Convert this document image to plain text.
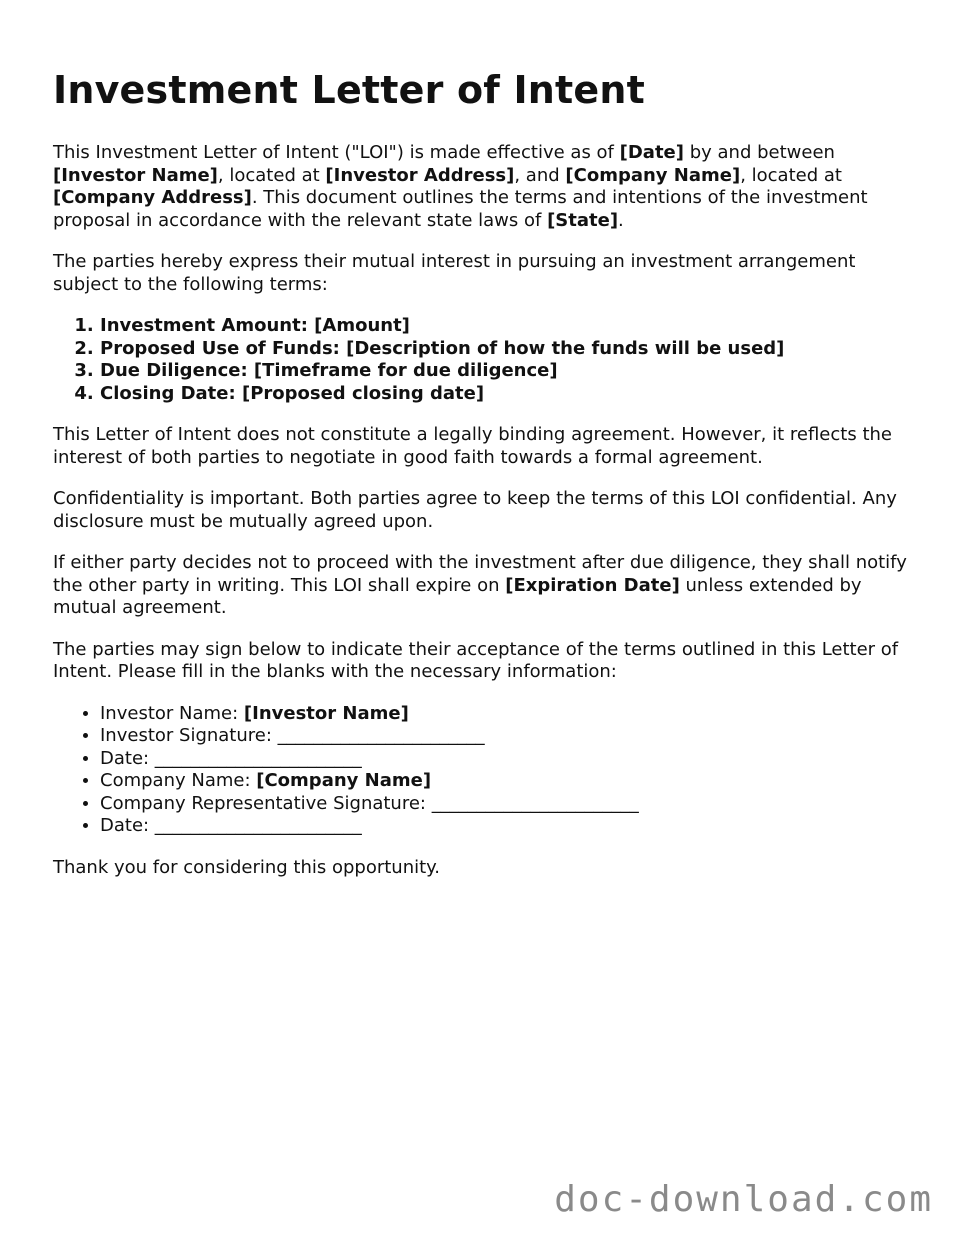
Investment Letter of Intent

This Investment Letter of Intent ("LOI") is made effective as of [Date] by and between [Investor Name], located at [Investor Address], and [Company Name], located at [Company Address]. This document outlines the terms and intentions of the investment proposal in accordance with the relevant state laws of [State].

The parties hereby express their mutual interest in pursuing an investment arrangement subject to the following terms:

1. Investment Amount: [Amount]
2. Proposed Use of Funds: [Description of how the funds will be used]
3. Due Diligence: [Timeframe for due diligence]
4. Closing Date: [Proposed closing date]

This Letter of Intent does not constitute a legally binding agreement. However, it reflects the interest of both parties to negotiate in good faith towards a formal agreement.

Confidentiality is important. Both parties agree to keep the terms of this LOI confidential. Any disclosure must be mutually agreed upon.

If either party decides not to proceed with the investment after due diligence, they shall notify the other party in writing. This LOI shall expire on [Expiration Date] unless extended by mutual agreement.

The parties may sign below to indicate their acceptance of the terms outlined in this Letter of Intent. Please fill in the blanks with the necessary information:

• Investor Name: [Investor Name]
• Investor Signature: _______________________
• Date: _______________________
• Company Name: [Company Name]
• Company Representative Signature: _______________________
• Date: _______________________

Thank you for considering this opportunity.

doc-download.com
